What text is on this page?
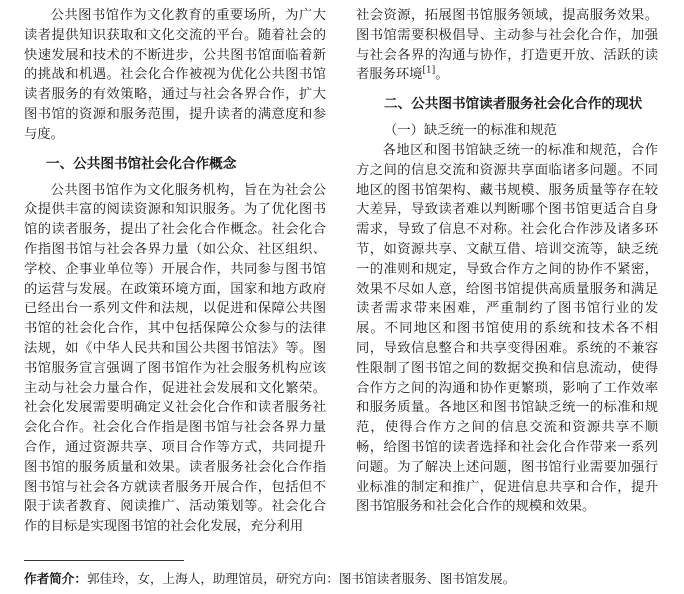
公共图书馆作为文化教育的重要场所，为广大读者提供知识获取和文化交流的平台。随着社会的快速发展和技术的不断进步，公共图书馆面临着新的挑战和机遇。社会化合作被视为优化公共图书馆读者服务的有效策略，通过与社会各界合作，扩大图书馆的资源和服务范围，提升读者的满意度和参与度。

一、公共图书馆社会化合作概念

公共图书馆作为文化服务机构，旨在为社会公众提供丰富的阅读资源和知识服务。为了优化图书馆的读者服务，提出了社会化合作概念。社会化合作指图书馆与社会各界力量（如公众、社区组织、学校、企事业单位等）开展合作，共同参与图书馆的运营与发展。在政策环境方面，国家和地方政府已经出台一系列文件和法规，以促进和保障公共图书馆的社会化合作，其中包括保障公众参与的法律法规，如《中华人民共和国公共图书馆法》等。图书馆服务宣言强调了图书馆作为社会服务机构应该主动与社会力量合作，促进社会发展和文化繁荣。社会化发展需要明确定义社会化合作和读者服务社会化合作。社会化合作指是图书馆与社会各界力量合作，通过资源共享、项目合作等方式，共同提升图书馆的服务质量和效果。读者服务社会化合作指图书馆与社会各方就读者服务开展合作，包括但不限于读者教育、阅读推广、活动策划等。社会化合作的目标是实现图书馆的社会化发展，充分利用

社会资源，拓展图书馆服务领域，提高服务效果。图书馆需要积极倡导、主动参与社会化合作，加强与社会各界的沟通与协作，打造更开放、活跃的读者服务环境[1]。

二、公共图书馆读者服务社会化合作的现状

（一）缺乏统一的标准和规范

各地区和图书馆缺乏统一的标准和规范，合作方之间的信息交流和资源共享面临诸多问题。不同地区的图书馆架构、藏书规模、服务质量等存在较大差异，导致读者难以判断哪个图书馆更适合自身需求，导致了信息不对称。社会化合作涉及诸多环节，如资源共享、文献互借、培训交流等，缺乏统一的准则和规定，导致合作方之间的协作不紧密，效果不尽如人意，给图书馆提供高质量服务和满足读者需求带来困难，严重制约了图书馆行业的发展。不同地区和图书馆使用的系统和技术各不相同，导致信息整合和共享变得困难。系统的不兼容性限制了图书馆之间的数据交换和信息流动，使得合作方之间的沟通和协作更繁琐，影响了工作效率和服务质量。各地区和图书馆缺乏统一的标准和规范，使得合作方之间的信息交流和资源共享不顺畅，给图书馆的读者选择和社会化合作带来一系列问题。为了解决上述问题，图书馆行业需要加强行业标准的制定和推广，促进信息共享和合作，提升图书馆服务和社会化合作的规模和效果。

作者简介：郭佳玲，女，上海人，助理馆员，研究方向：图书馆读者服务、图书馆发展。
